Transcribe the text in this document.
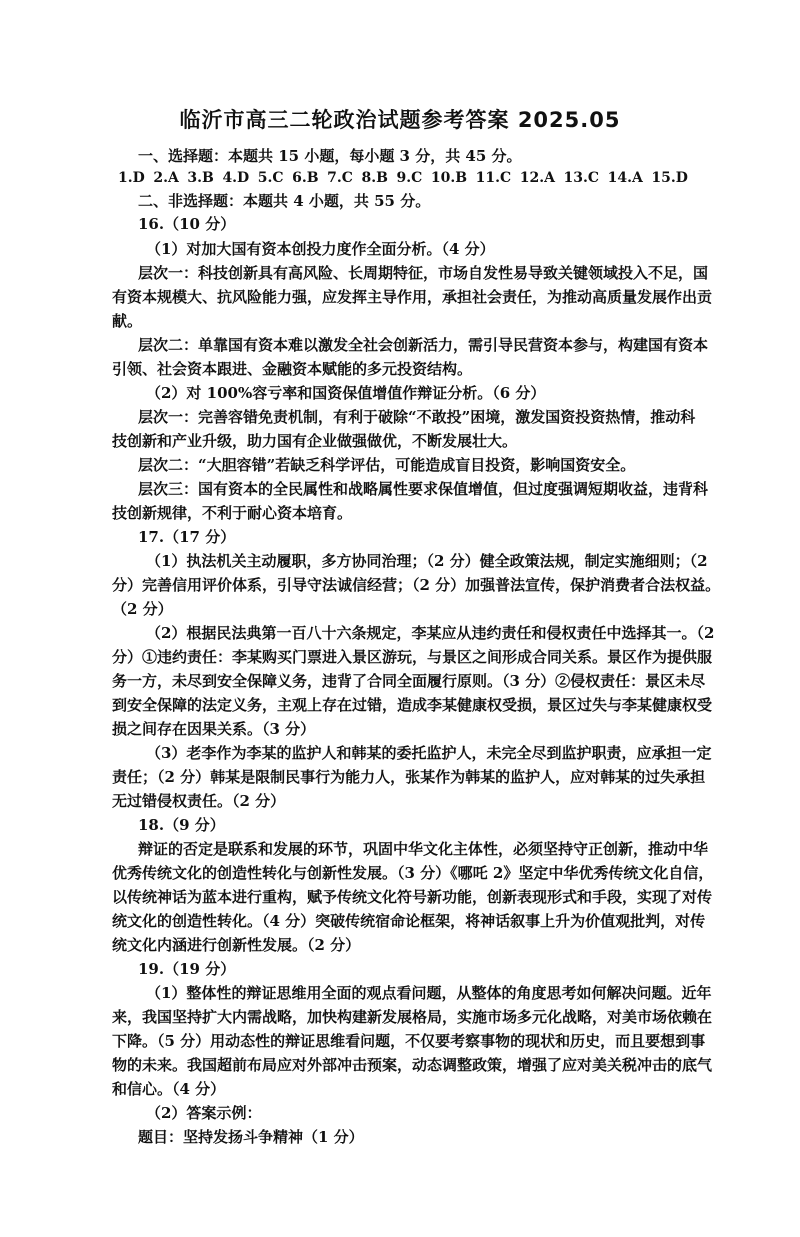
临沂市高三二轮政治试题参考答案 2025.05
一、选择题：本题共 15 小题，每小题 3 分，共 45 分。
1.D 2.A 3.B 4.D 5.C 6.B 7.C 8.B 9.C 10.B 11.C 12.A 13.C 14.A 15.D
二、非选择题：本题共 4 小题，共 55 分。
16.（10 分）
（1）对加大国有资本创投力度作全面分析。（4 分）
层次一：科技创新具有高风险、长周期特征，市场自发性易导致关键领域投入不足，国
有资本规模大、抗风险能力强，应发挥主导作用，承担社会责任，为推动高质量发展作出贡
献。
层次二：单靠国有资本难以激发全社会创新活力，需引导民营资本参与，构建国有资本
引领、社会资本跟进、金融资本赋能的多元投资结构。
（2）对 100%容亏率和国资保值增值作辩证分析。（6 分）
层次一：完善容错免责机制，有利于破除“不敢投”困境，激发国资投资热情，推动科
技创新和产业升级，助力国有企业做强做优，不断发展壮大。
层次二：“大胆容错”若缺乏科学评估，可能造成盲目投资，影响国资安全。
层次三：国有资本的全民属性和战略属性要求保值增值，但过度强调短期收益，违背科
技创新规律，不利于耐心资本培育。
17.（17 分）
（1）执法机关主动履职，多方协同治理；（2 分）健全政策法规，制定实施细则；（2
分）完善信用评价体系，引导守法诚信经营；（2 分）加强普法宣传，保护消费者合法权益。
（2 分）
（2）根据民法典第一百八十六条规定，李某应从违约责任和侵权责任中选择其一。（2
分）①违约责任：李某购买门票进入景区游玩，与景区之间形成合同关系。景区作为提供服
务一方，未尽到安全保障义务，违背了合同全面履行原则。（3 分）②侵权责任：景区未尽
到安全保障的法定义务，主观上存在过错，造成李某健康权受损，景区过失与李某健康权受
损之间存在因果关系。（3 分）
（3）老李作为李某的监护人和韩某的委托监护人，未完全尽到监护职责，应承担一定
责任；（2 分）韩某是限制民事行为能力人，张某作为韩某的监护人，应对韩某的过失承担
无过错侵权责任。（2 分）
18.（9 分）
辩证的否定是联系和发展的环节，巩固中华文化主体性，必须坚持守正创新，推动中华
优秀传统文化的创造性转化与创新性发展。（3 分）《哪吒 2》坚定中华优秀传统文化自信，
以传统神话为蓝本进行重构，赋予传统文化符号新功能，创新表现形式和手段，实现了对传
统文化的创造性转化。（4 分）突破传统宿命论框架，将神话叙事上升为价值观批判，对传
统文化内涵进行创新性发展。（2 分）
19.（19 分）
（1）整体性的辩证思维用全面的观点看问题，从整体的角度思考如何解决问题。近年
来，我国坚持扩大内需战略，加快构建新发展格局，实施市场多元化战略，对美市场依赖在
下降。（5 分）用动态性的辩证思维看问题，不仅要考察事物的现状和历史，而且要想到事
物的未来。我国超前布局应对外部冲击预案，动态调整政策，增强了应对美关税冲击的底气
和信心。（4 分）
（2）答案示例：
题目：坚持发扬斗争精神（1 分）
